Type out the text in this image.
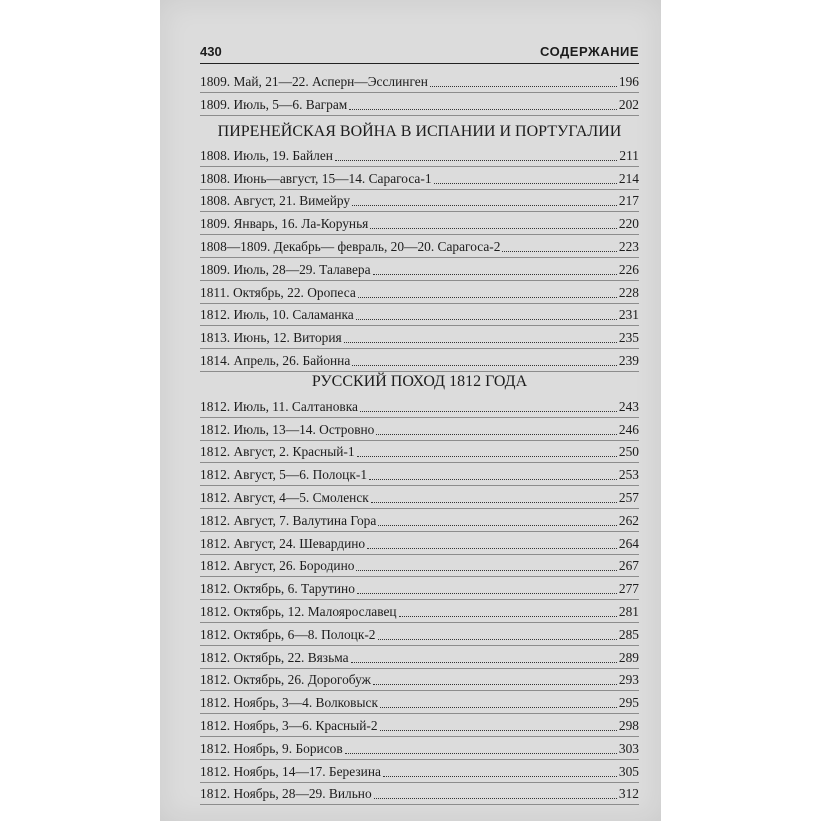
430	СОДЕРЖАНИЕ
1809. Май, 21—22. Асперн—Эсслинген	196
1809. Июль, 5—6. Ваграм	202
ПИРЕНЕЙСКАЯ ВОЙНА В ИСПАНИИ И ПОРТУГАЛИИ
1808. Июль, 19. Байлен	211
1808. Июнь—август, 15—14. Сарагоса-1	214
1808. Август, 21. Вимейру	217
1809. Январь, 16. Ла-Корунья	220
1808—1809. Декабрь— февраль, 20—20. Сарагоса-2	223
1809. Июль, 28—29. Талавера	226
1811. Октябрь, 22. Оропеса	228
1812. Июль, 10. Саламанка	231
1813. Июнь, 12. Витория	235
1814. Апрель, 26. Байонна	239
РУССКИЙ ПОХОД 1812 ГОДА
1812. Июль, 11. Салтановка	243
1812. Июль, 13—14. Островно	246
1812. Август, 2. Красный-1	250
1812. Август, 5—6. Полоцк-1	253
1812. Август, 4—5. Смоленск	257
1812. Август, 7. Валутина Гора	262
1812. Август, 24. Шевардино	264
1812. Август, 26. Бородино	267
1812. Октябрь, 6. Тарутино	277
1812. Октябрь, 12. Малоярославец	281
1812. Октябрь, 6—8. Полоцк-2	285
1812. Октябрь, 22. Вязьма	289
1812. Октябрь, 26. Дорогобуж	293
1812. Ноябрь, 3—4. Волковыск	295
1812. Ноябрь, 3—6. Красный-2	298
1812. Ноябрь, 9. Борисов	303
1812. Ноябрь, 14—17. Березина	305
1812. Ноябрь, 28—29. Вильно	312
